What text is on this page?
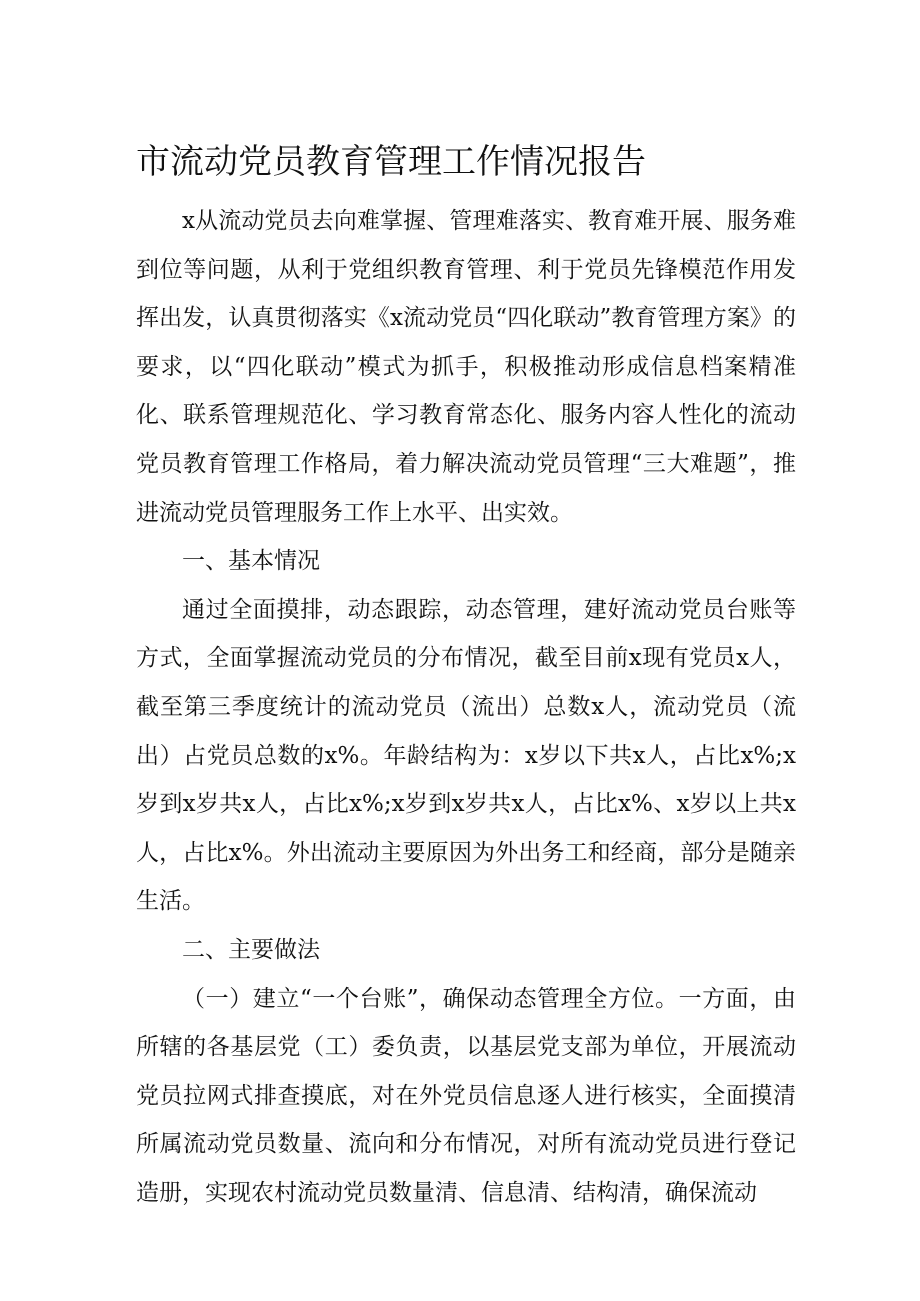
市流动党员教育管理工作情况报告

x从流动党员去向难掌握、管理难落实、教育难开展、服务难到位等问题，从利于党组织教育管理、利于党员先锋模范作用发挥出发，认真贯彻落实《x流动党员“四化联动”教育管理方案》的要求，以“四化联动”模式为抓手，积极推动形成信息档案精准化、联系管理规范化、学习教育常态化、服务内容人性化的流动党员教育管理工作格局，着力解决流动党员管理“三大难题”，推进流动党员管理服务工作上水平、出实效。

一、基本情况

通过全面摸排，动态跟踪，动态管理，建好流动党员台账等方式，全面掌握流动党员的分布情况，截至目前x现有党员x人，截至第三季度统计的流动党员（流出）总数x人，流动党员（流出）占党员总数的x%。年龄结构为：x岁以下共x人，占比x%;x岁到x岁共x人，占比x%;x岁到x岁共x人，占比x%、x岁以上共x人，占比x%。外出流动主要原因为外出务工和经商，部分是随亲生活。

二、主要做法

（一）建立“一个台账”，确保动态管理全方位。一方面，由所辖的各基层党（工）委负责，以基层党支部为单位，开展流动党员拉网式排查摸底，对在外党员信息逐人进行核实，全面摸清所属流动党员数量、流向和分布情况，对所有流动党员进行登记造册，实现农村流动党员数量清、信息清、结构清，确保流动
